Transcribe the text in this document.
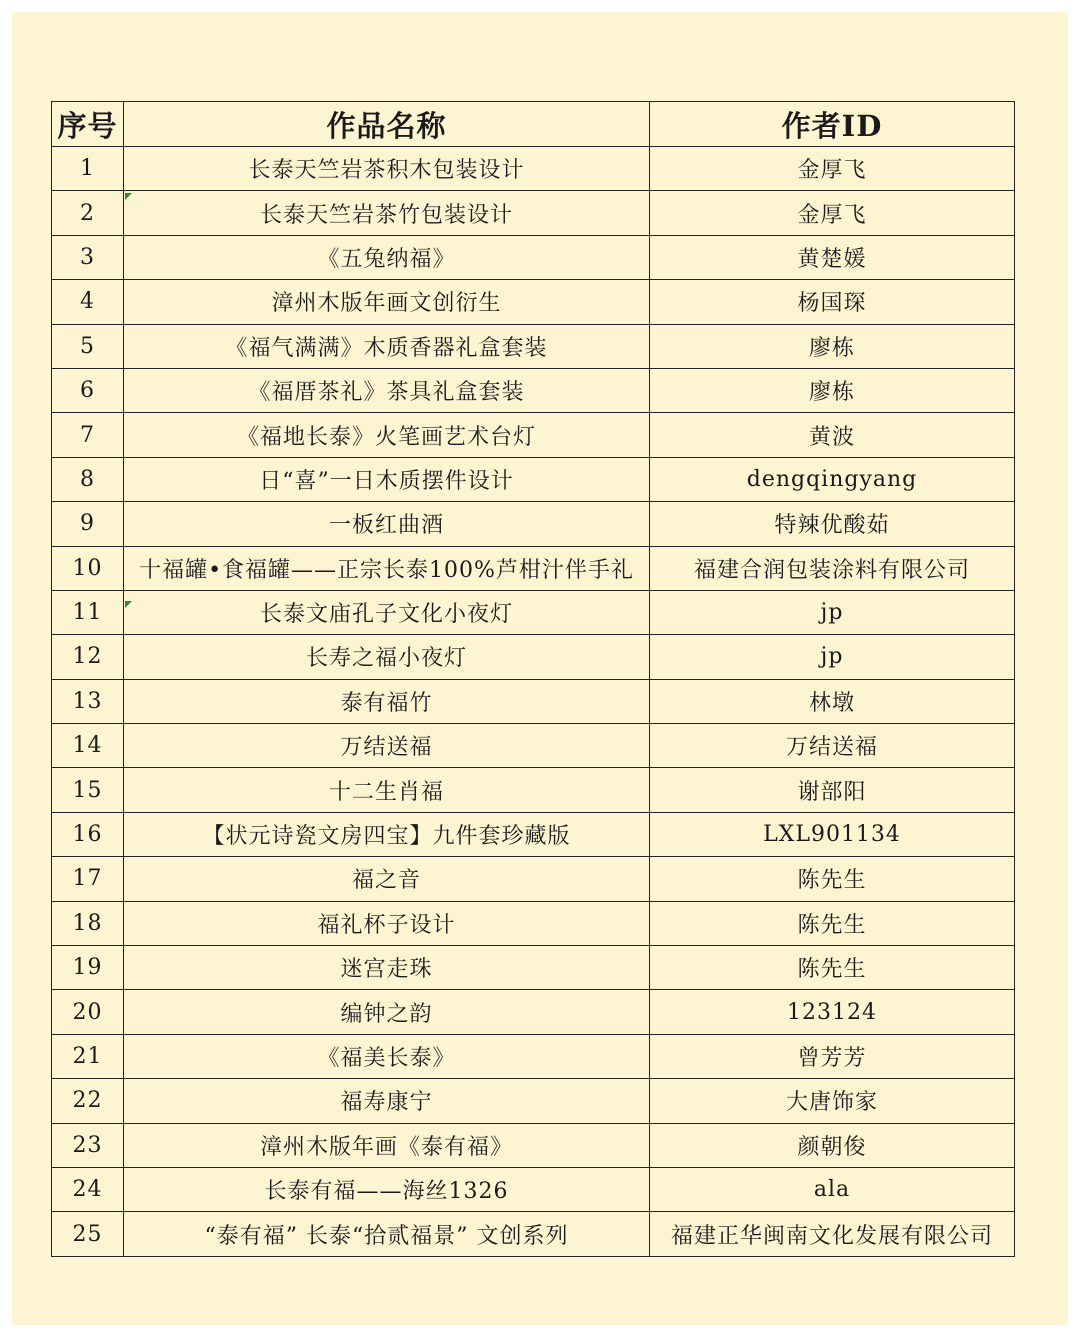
序号	作品名称	作者ID
1	长泰天竺岩茶积木包装设计	金厚飞
2	长泰天竺岩茶竹包装设计	金厚飞
3	《五兔纳福》	黄楚媛
4	漳州木版年画文创衍生	杨国琛
5	《福气满满》木质香器礼盒套装	廖栋
6	《福厝茶礼》茶具礼盒套装	廖栋
7	《福地长泰》火笔画艺术台灯	黄波
8	日“喜”一日木质摆件设计	dengqingyang
9	一板红曲酒	特辣优酸茹
10	十福罐•食福罐——正宗长泰100%芦柑汁伴手礼	福建合润包装涂料有限公司
11	长泰文庙孔子文化小夜灯	jp
12	长寿之福小夜灯	jp
13	泰有福竹	林墩
14	万结送福	万结送福
15	十二生肖福	谢部阳
16	【状元诗瓷文房四宝】九件套珍藏版	LXL901134
17	福之音	陈先生
18	福礼杯子设计	陈先生
19	迷宫走珠	陈先生
20	编钟之韵	123124
21	《福美长泰》	曾芳芳
22	福寿康宁	大唐饰家
23	漳州木版年画《泰有福》	颜朝俊
24	长泰有福——海丝1326	ala
25	“泰有福” 长泰“拾贰福景” 文创系列	福建正华闽南文化发展有限公司
